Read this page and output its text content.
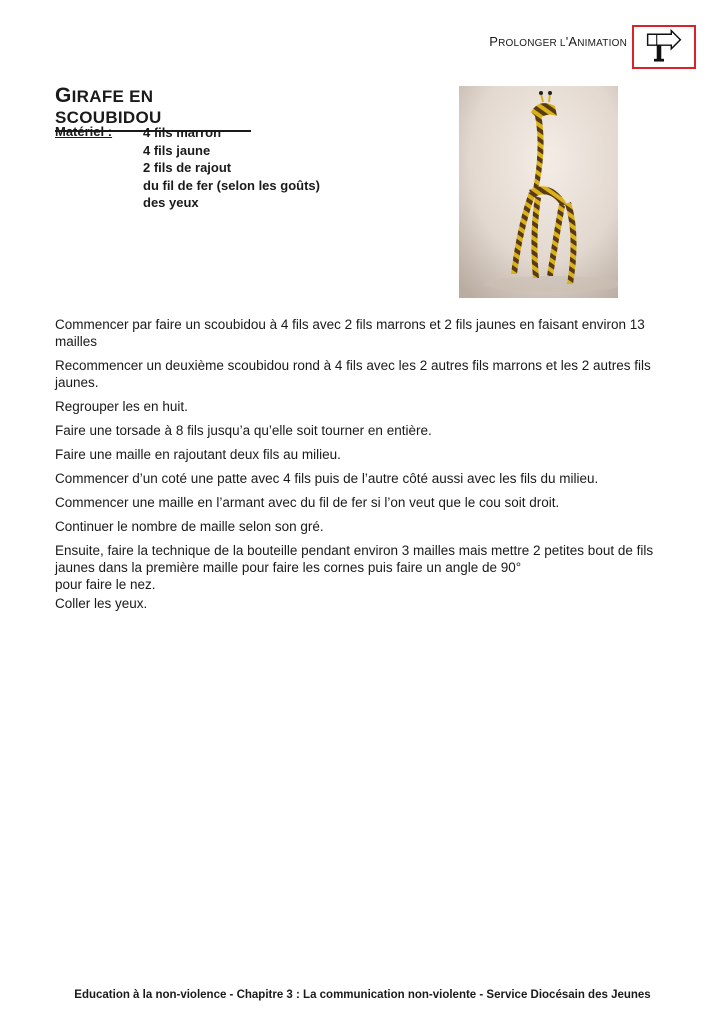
PROLONGER L'ANIMATION
GIRAFE EN SCOUBIDOU
Matériel : 4 fils marron
4 fils jaune
2 fils de rajout
du fil de fer (selon les goûts)
des yeux

Commencer par faire un scoubidou à 4 fils avec 2 fils marrons et 2 fils jaunes en faisant environ 13 mailles

Recommencer un deuxième scoubidou rond à 4 fils avec les 2 autres fils marrons et les 2 autres fils jaunes.

Regrouper les en huit.

Faire une torsade à 8 fils jusqu’a qu’elle soit tourner en entière.

Faire une maille en rajoutant deux fils au milieu.

Commencer d’un coté une patte avec 4 fils puis de l’autre côté aussi avec les fils du milieu.

Commencer une maille en l’armant avec du fil de fer si l’on veut que le cou soit droit.

Continuer le nombre de maille selon son gré.

Ensuite, faire la technique de la bouteille pendant environ 3 mailles mais mettre 2 petites bout de fils jaunes dans la première maille pour faire les cornes puis faire un angle de 90°

pour faire le nez.

Coller les yeux.

Education à la non-violence - Chapitre 3 : La communication non-violente - Service Diocésain des Jeunes
